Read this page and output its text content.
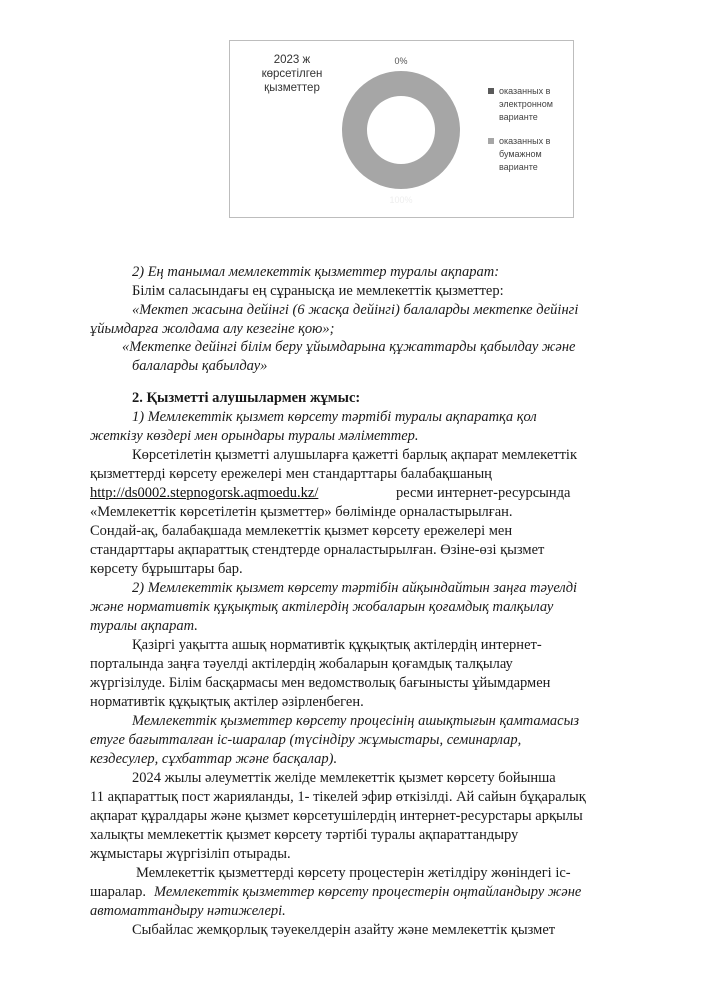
2023 ж көрсетілген қызметтер
0%
100%
оказанных в электронном варианте
оказанных в бумажном варианте
2) Ең танымал мемлекеттік қызметтер туралы ақпарат:
Білім саласындағы ең сұранысқа ие мемлекеттік қызметтер:
«Мектеп жасына дейінгі (6 жасқа дейінгі) балаларды мектепке дейінгі
ұйымдарға жолдама алу кезегіне қою»;
«Мектепке дейінгі білім беру ұйымдарына құжаттарды қабылдау және
балаларды қабылдау»
2. Қызметті алушылармен жұмыс:
1) Мемлекеттік қызмет көрсету тәртібі туралы ақпаратқа қол
жеткізу көздері мен орындары туралы мәліметтер.
Көрсетілетін қызметті алушыларға қажетті барлық ақпарат мемлекеттік
қызметтерді көрсету ережелері мен стандарттары балабақшаның
http://ds0002.stepnogorsk.aqmoedu.kz/	ресми интернет-ресурсында
«Мемлекеттік көрсетілетін қызметтер» бөлімінде орналастырылған.
Сондай-ақ, балабақшада мемлекеттік қызмет көрсету ережелері мен
стандарттары ақпараттық стендтерде орналастырылған. Өзіне-өзі қызмет
көрсету бұрыштары бар.
2) Мемлекеттік қызмет көрсету тәртібін айқындайтын заңға тәуелді
және нормативтік құқықтық актілердің жобаларын қоғамдық талқылау
туралы ақпарат.
Қазіргі уақытта ашық нормативтік құқықтық актілердің интернет-
порталында заңға тәуелді актілердің жобаларын қоғамдық талқылау
жүргізілуде. Білім басқармасы мен ведомстволық бағынысты ұйымдармен
нормативтік құқықтық актілер әзірленбеген.
Мемлекеттік қызметтер көрсету процесінің ашықтығын қамтамасыз
етуге бағытталған іс-шаралар (түсіндіру жұмыстары, семинарлар,
кездесулер, сұхбаттар және басқалар).
2024 жылы әлеуметтік желіде мемлекеттік қызмет көрсету бойынша
11 ақпараттық пост жарияланды, 1- тікелей эфир өткізілді. Ай сайын бұқаралық
ақпарат құралдары және қызмет көрсетушілердің интернет-ресурстары арқылы
халықты мемлекеттік қызмет көрсету тәртібі туралы ақпараттандыру
жұмыстары жүргізіліп отырады.
Мемлекеттік қызметтерді көрсету процестерін жетілдіру жөніндегі іс-
шаралар. Мемлекеттік қызметтер көрсету процестерін оңтайландыру және
автоматтандыру нәтижелері.
Сыбайлас жемқорлық тәуекелдерін азайту және мемлекеттік қызмет
